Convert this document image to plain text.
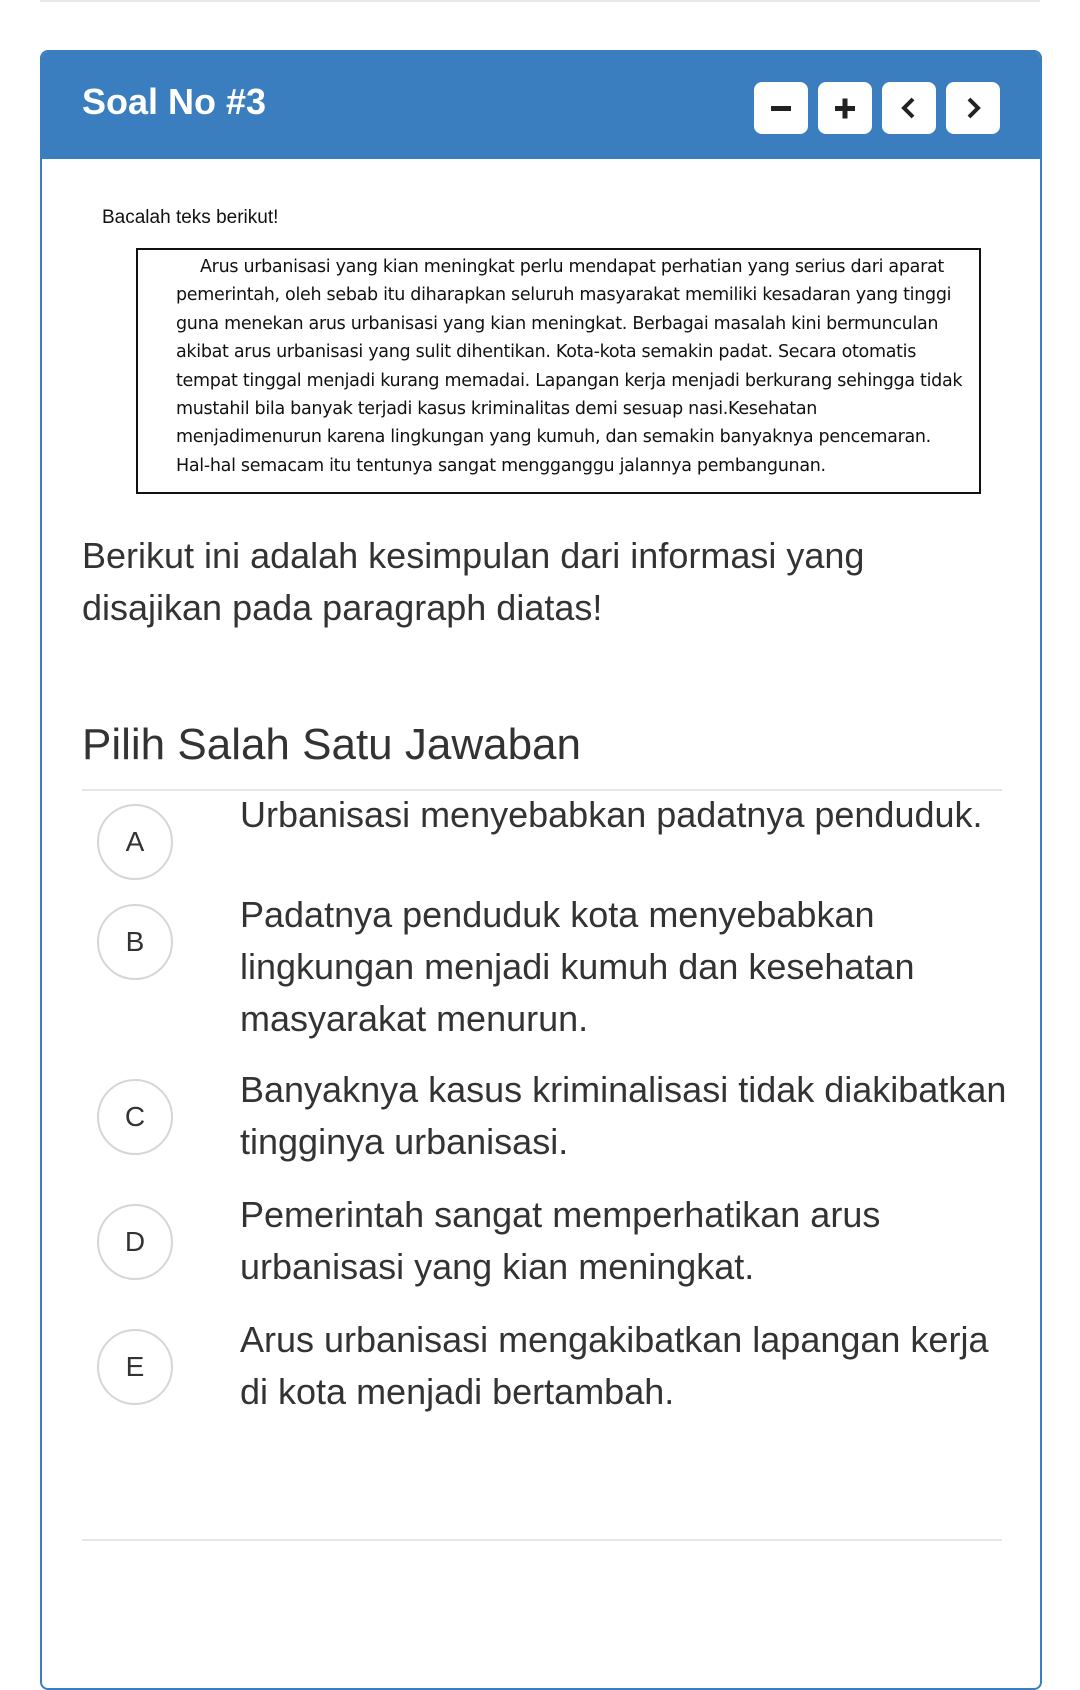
Soal No #3
Bacalah teks berikut!
Arus urbanisasi yang kian meningkat perlu mendapat perhatian yang serius dari aparat
pemerintah, oleh sebab itu diharapkan seluruh masyarakat memiliki kesadaran yang tinggi
guna menekan arus urbanisasi yang kian meningkat. Berbagai masalah kini bermunculan
akibat arus urbanisasi yang sulit dihentikan. Kota-kota semakin padat. Secara otomatis
tempat tinggal menjadi kurang memadai. Lapangan kerja menjadi berkurang sehingga tidak
mustahil bila banyak terjadi kasus kriminalitas demi sesuap nasi.Kesehatan
menjadimenurun karena lingkungan yang kumuh, dan semakin banyaknya pencemaran.
Hal-hal semacam itu tentunya sangat mengganggu jalannya pembangunan.
Berikut ini adalah kesimpulan dari informasi yang disajikan pada paragraph diatas!
Pilih Salah Satu Jawaban
A
Urbanisasi menyebabkan padatnya penduduk.
B
Padatnya penduduk kota menyebabkan lingkungan menjadi kumuh dan kesehatan masyarakat menurun.
C
Banyaknya kasus kriminalisasi tidak diakibatkan tingginya urbanisasi.
D
Pemerintah sangat memperhatikan arus urbanisasi yang kian meningkat.
E
Arus urbanisasi mengakibatkan lapangan kerja di kota menjadi bertambah.
